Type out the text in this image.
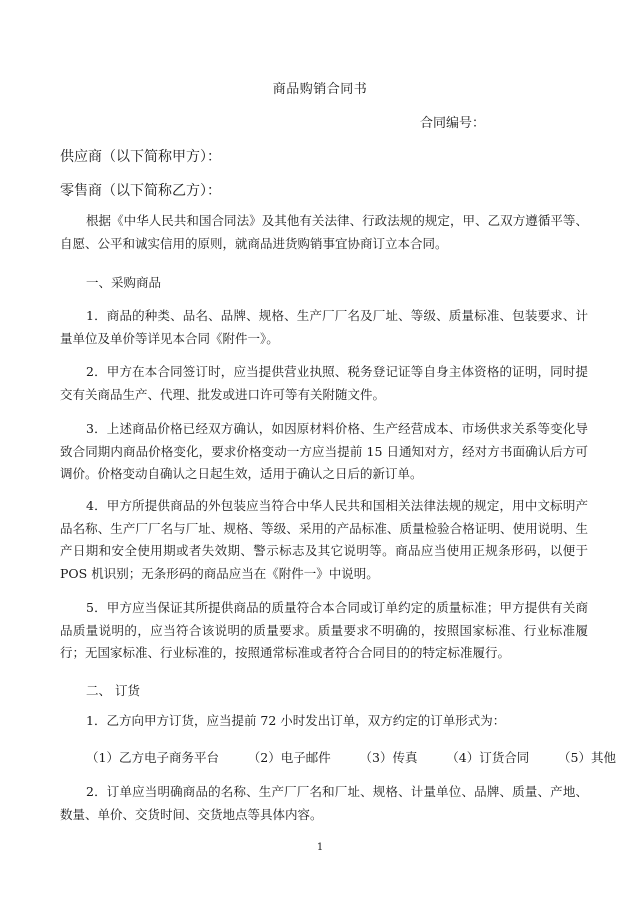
商品购销合同书
合同编号：
供应商（以下简称甲方）：
零售商（以下简称乙方）：
根据《中华人民共和国合同法》及其他有关法律、行政法规的规定，甲、乙双方遵循平等、自愿、公平和诚实信用的原则，就商品进货购销事宜协商订立本合同。
一、采购商品
1．商品的种类、品名、品牌、规格、生产厂厂名及厂址、等级、质量标准、包装要求、计量单位及单价等详见本合同《附件一》。
2．甲方在本合同签订时，应当提供营业执照、税务登记证等自身主体资格的证明，同时提交有关商品生产、代理、批发或进口许可等有关附随文件。
3．上述商品价格已经双方确认，如因原材料价格、生产经营成本、市场供求关系等变化导致合同期内商品价格变化，要求价格变动一方应当提前 15 日通知对方，经对方书面确认后方可调价。价格变动自确认之日起生效，适用于确认之日后的新订单。
4．甲方所提供商品的外包装应当符合中华人民共和国相关法律法规的规定，用中文标明产品名称、生产厂厂名与厂址、规格、等级、采用的产品标准、质量检验合格证明、使用说明、生产日期和安全使用期或者失效期、警示标志及其它说明等。商品应当使用正规条形码，以便于 POS 机识别；无条形码的商品应当在《附件一》中说明。
5．甲方应当保证其所提供商品的质量符合本合同或订单约定的质量标准；甲方提供有关商品质量说明的，应当符合该说明的质量要求。质量要求不明确的，按照国家标准、行业标准履行；无国家标准、行业标准的，按照通常标准或者符合合同目的的特定标准履行。
二、 订货
1．乙方向甲方订货，应当提前 72 小时发出订单，双方约定的订单形式为：
（1）乙方电子商务平台 （2）电子邮件 （3）传真 （4）订货合同 （5）其他
2．订单应当明确商品的名称、生产厂厂名和厂址、规格、计量单位、品牌、质量、产地、数量、单价、交货时间、交货地点等具体内容。
1
